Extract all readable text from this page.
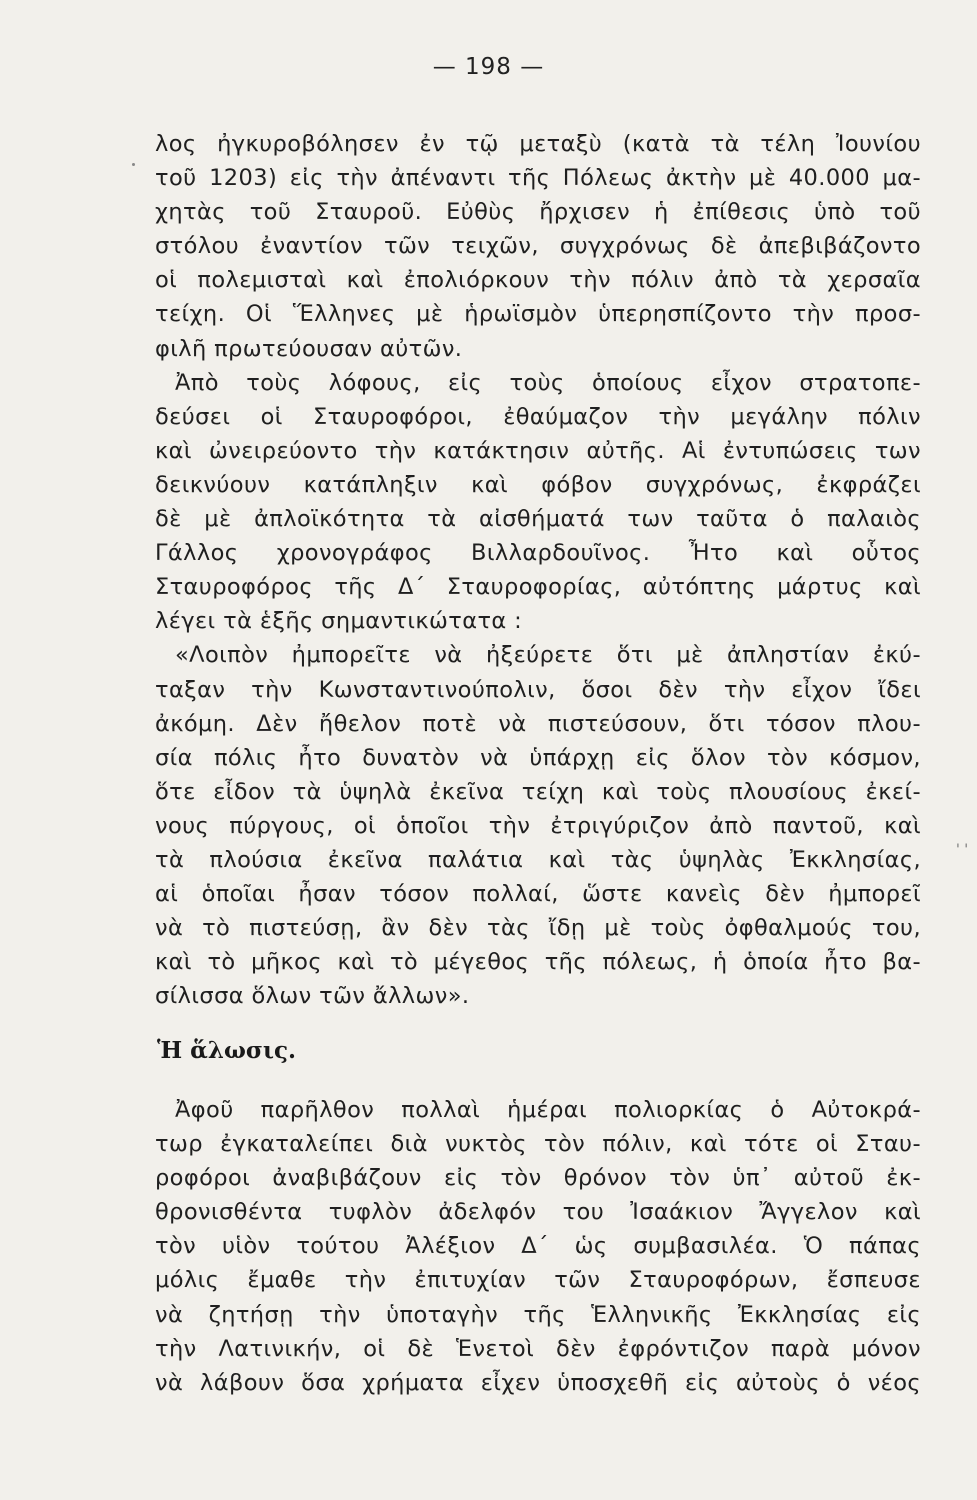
— 198 —
' '
λος ἠγκυροβόλησεν ἐν τῷ μεταξὺ (κατὰ τὰ τέλη Ἰουνίου
τοῦ 1203) εἰς τὴν ἀπέναντι τῆς Πόλεως ἀκτὴν μὲ 40.000 μα-
χητὰς τοῦ Σταυροῦ. Εὐθὺς ἤρχισεν ἡ ἐπίθεσις ὑπὸ τοῦ
στόλου ἐναντίον τῶν τειχῶν, συγχρόνως δὲ ἀπεβιβάζοντο
οἱ πολεμισταὶ καὶ ἐπολιόρκουν τὴν πόλιν ἀπὸ τὰ χερσαῖα
τείχη. Οἱ Ἕλληνες μὲ ἡρωϊσμὸν ὑπερησπίζοντο τὴν προσ-
φιλῆ πρωτεύουσαν αὐτῶν.
Ἀπὸ τοὺς λόφους, εἰς τοὺς ὁποίους εἶχον στρατοπε-
δεύσει οἱ Σταυροφόροι, ἐθαύμαζον τὴν μεγάλην πόλιν
καὶ ὠνειρεύοντο τὴν κατάκτησιν αὐτῆς. Αἱ ἐντυπώσεις των
δεικνύουν κατάπληξιν καὶ φόβον συγχρόνως, ἐκφράζει
δὲ μὲ ἀπλοϊκότητα τὰ αἰσθήματά των ταῦτα ὁ παλαιὸς
Γάλλος χρονογράφος Βιλλαρδουῖνος. Ἦτο καὶ οὗτος
Σταυροφόρος τῆς Δ΄ Σταυροφορίας, αὐτόπτης μάρτυς καὶ
λέγει τὰ ἑξῆς σημαντικώτατα :
«Λοιπὸν ἠμπορεῖτε νὰ ἠξεύρετε ὅτι μὲ ἀπληστίαν ἐκύ-
ταξαν τὴν Κωνσταντινούπολιν, ὅσοι δὲν τὴν εἶχον ἴδει
ἀκόμη. Δὲν ἤθελον ποτὲ νὰ πιστεύσουν, ὅτι τόσον πλου-
σία πόλις ἦτο δυνατὸν νὰ ὑπάρχῃ εἰς ὅλον τὸν κόσμον,
ὅτε εἶδον τὰ ὑψηλὰ ἐκεῖνα τείχη καὶ τοὺς πλουσίους ἐκεί-
νους πύργους, οἱ ὁποῖοι τὴν ἐτριγύριζον ἀπὸ παντοῦ, καὶ
τὰ πλούσια ἐκεῖνα παλάτια καὶ τὰς ὑψηλὰς Ἐκκλησίας,
αἱ ὁποῖαι ἦσαν τόσον πολλαί, ὥστε κανεὶς δὲν ἠμπορεῖ
νὰ τὸ πιστεύσῃ, ἂν δὲν τὰς ἴδῃ μὲ τοὺς ὀφθαλμούς του,
καὶ τὸ μῆκος καὶ τὸ μέγεθος τῆς πόλεως, ἡ ὁποία ἦτο βα-
σίλισσα ὅλων τῶν ἄλλων».
Ἡ ἅλωσις.
Ἀφοῦ παρῆλθον πολλαὶ ἡμέραι πολιορκίας ὁ Αὐτοκρά-
τωρ ἐγκαταλείπει διὰ νυκτὸς τὸν πόλιν, καὶ τότε οἱ Σταυ-
ροφόροι ἀναβιβάζουν εἰς τὸν θρόνον τὸν ὑπ᾽ αὐτοῦ ἐκ-
θρονισθέντα τυφλὸν ἀδελφόν του Ἰσαάκιον Ἄγγελον καὶ
τὸν υἱὸν τούτου Ἀλέξιον Δ΄ ὡς συμβασιλέα. Ὁ πάπας
μόλις ἔμαθε τὴν ἐπιτυχίαν τῶν Σταυροφόρων, ἔσπευσε
νὰ ζητήσῃ τὴν ὑποταγὴν τῆς Ἑλληνικῆς Ἐκκλησίας εἰς
τὴν Λατινικήν, οἱ δὲ Ἑνετοὶ δὲν ἐφρόντιζον παρὰ μόνον
νὰ λάβουν ὅσα χρήματα εἶχεν ὑποσχεθῆ εἰς αὐτοὺς ὁ νέος
